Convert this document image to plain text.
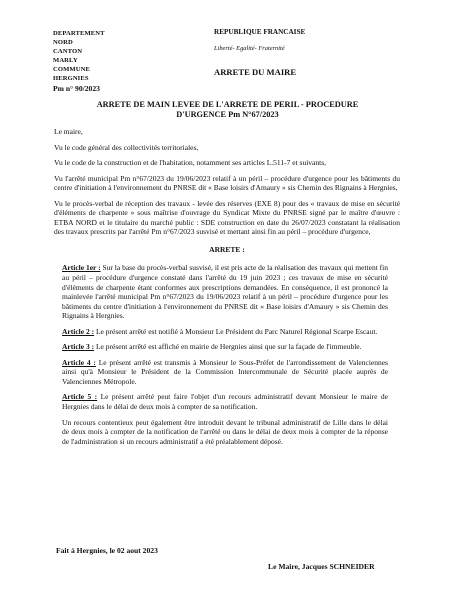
DEPARTEMENT
NORD
CANTON
MARLY
COMMUNE
HERGNIES
Pm n° 90/2023
REPUBLIQUE FRANCAISE
Liberté- Egalité- Fraternité
ARRETE DU MAIRE
ARRETE DE MAIN LEVEE DE L'ARRETE DE PERIL - PROCEDURE
D'URGENCE Pm N°67/2023

Le maire,

Vu le code général des collectivités territoriales,

Vu le code de la construction et de l'habitation, notamment ses articles L.511-7 et suivants,

Vu l'arrêté municipal Pm n°67/2023 du 19/06/2023 relatif à un péril – procédure d'urgence pour les bâtiments du centre d'initiation à l'environnement du PNRSE dit « Base loisirs d'Amaury » sis Chemin des Rignains à Hergnies,

Vu le procès-verbal de réception des travaux - levée des réserves (EXE 8) pour des « travaux de mise en sécurité d'éléments de charpente » sous maîtrise d'ouvrage du Syndicat Mixte du PNRSE signé par le maître d'œuvre : ETBA NORD et le titulaire du marché public : SDE construction en date du 26/07/2023 constatant la réalisation des travaux prescrits par l'arrêté Pm n°67/2023 susvisé et mettant ainsi fin au péril – procédure d'urgence,

ARRETE :

Article 1er : Sur la base du procès-verbal susvisé, il est pris acte de la réalisation des travaux qui mettent fin au péril – procédure d'urgence constaté dans l'arrêté du 19 juin 2023 ; ces travaux de mise en sécurité d'éléments de charpente étant conformes aux prescriptions demandées. En conséquence, il est prononcé la mainlevée l'arrêté municipal Pm n°67/2023 du 19/06/2023 relatif à un péril – procédure d'urgence pour les bâtiments du centre d'initiation à l'environnement du PNRSE dit « Base loisirs d'Amaury » sis Chemin des Rignains à Hergnies.

Article 2 : Le présent arrêté est notifié à Monsieur Le Président du Parc Naturel Régional Scarpe Escaut.

Article 3 : Le présent arrêté est affiché en mairie de Hergnies ainsi que sur la façade de l'immeuble.

Article 4 : Le présent arrêté est transmis à Monsieur le Sous-Préfet de l'arrondissement de Valenciennes ainsi qu'à Monsieur le Président de la Commission Intercommunale de Sécurité placée auprès de Valenciennes Métropole.

Article 5 : Le présent arrêté peut faire l'objet d'un recours administratif devant Monsieur le maire de Hergnies dans le délai de deux mois à compter de sa notification.

Un recours contentieux peut également être introduit devant le tribunal administratif de Lille dans le délai de deux mois à compter de la notification de l'arrêté ou dans le délai de deux mois à compter de la réponse de l'administration si un recours administratif a été préalablement déposé.

Fait à Hergnies, le 02 aout 2023
Le Maire, Jacques SCHNEIDER
